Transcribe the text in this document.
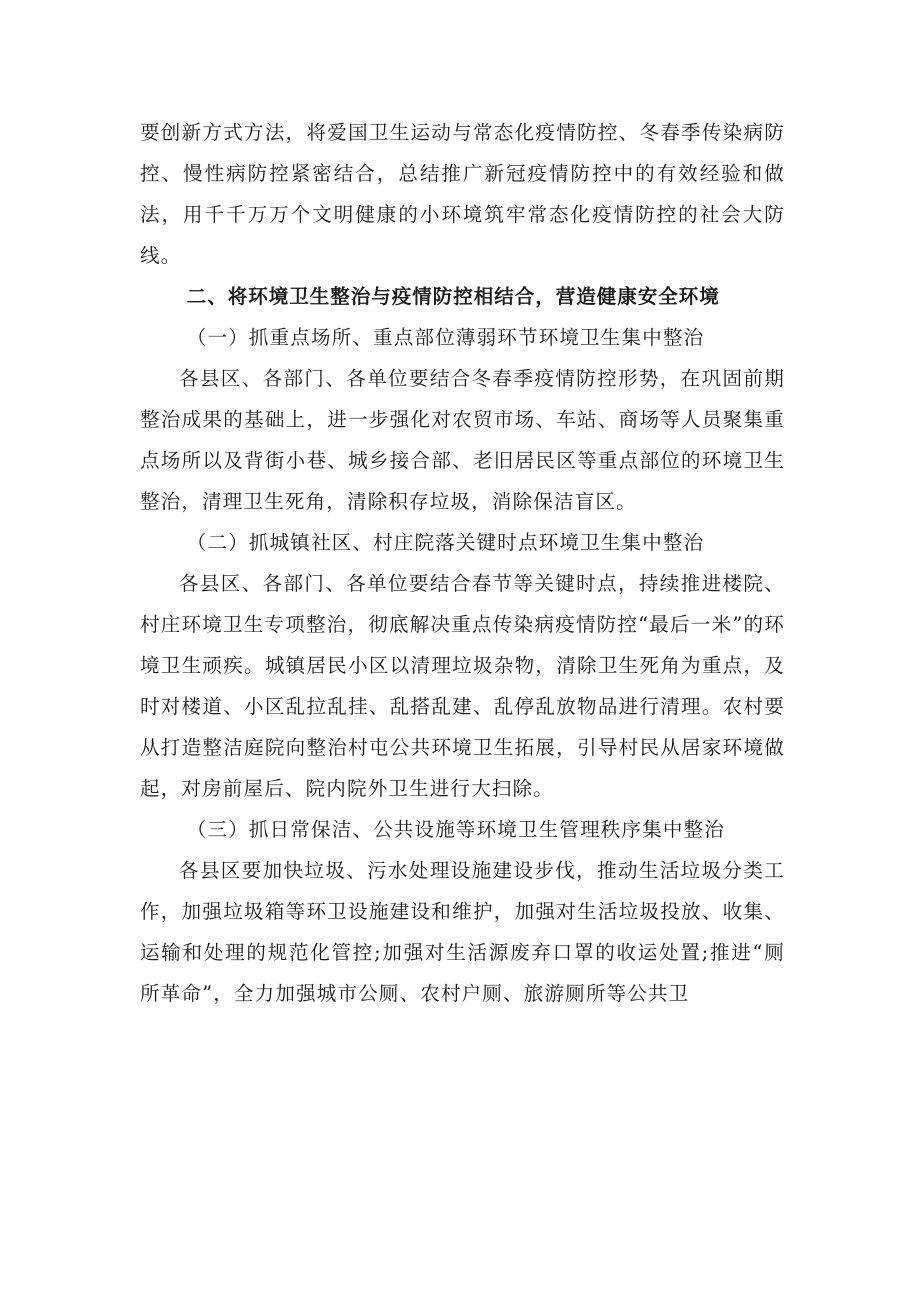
要创新方式方法，将爱国卫生运动与常态化疫情防控、冬春季传染病防控、慢性病防控紧密结合，总结推广新冠疫情防控中的有效经验和做法，用千千万万个文明健康的小环境筑牢常态化疫情防控的社会大防线。

二、将环境卫生整治与疫情防控相结合，营造健康安全环境

（一）抓重点场所、重点部位薄弱环节环境卫生集中整治

各县区、各部门、各单位要结合冬春季疫情防控形势，在巩固前期整治成果的基础上，进一步强化对农贸市场、车站、商场等人员聚集重点场所以及背街小巷、城乡接合部、老旧居民区等重点部位的环境卫生整治，清理卫生死角，清除积存垃圾，消除保洁盲区。

（二）抓城镇社区、村庄院落关键时点环境卫生集中整治

各县区、各部门、各单位要结合春节等关键时点，持续推进楼院、村庄环境卫生专项整治，彻底解决重点传染病疫情防控“最后一米”的环境卫生顽疾。城镇居民小区以清理垃圾杂物，清除卫生死角为重点，及时对楼道、小区乱拉乱挂、乱搭乱建、乱停乱放物品进行清理。农村要从打造整洁庭院向整治村屯公共环境卫生拓展，引导村民从居家环境做起，对房前屋后、院内院外卫生进行大扫除。

（三）抓日常保洁、公共设施等环境卫生管理秩序集中整治

各县区要加快垃圾、污水处理设施建设步伐，推动生活垃圾分类工作，加强垃圾箱等环卫设施建设和维护，加强对生活垃圾投放、收集、运输和处理的规范化管控;加强对生活源废弃口罩的收运处置;推进“厕所革命”，全力加强城市公厕、农村户厕、旅游厕所等公共卫
